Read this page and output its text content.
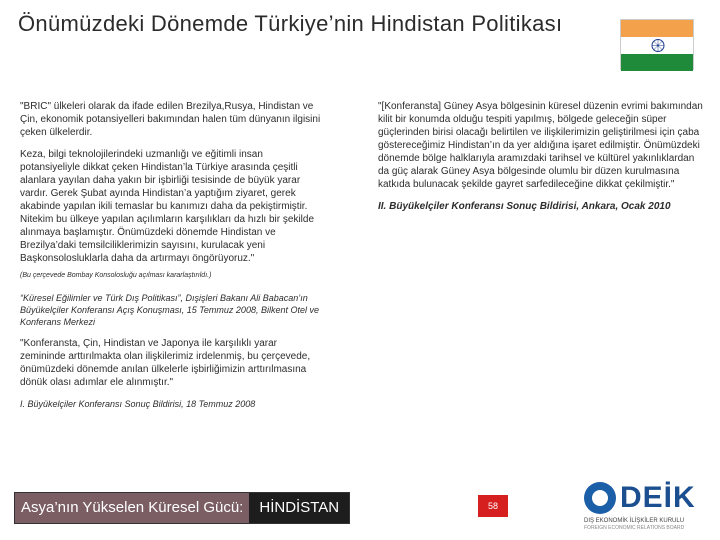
Önümüzdeki Dönemde Türkiye’nin Hindistan Politikası

"BRIC" ülkeleri olarak da ifade edilen Brezilya,Rusya, Hindistan ve Çin, ekonomik potansiyelleri bakımından halen tüm dünyanın ilgisini çeken ülkelerdir.

Keza, bilgi teknolojilerindeki uzmanlığı ve eğitimli insan potansiyeliyle dikkat çeken Hindistan’la Türkiye arasında çeşitli alanlara yayılan daha yakın bir işbirliği tesisinde de büyük yarar vardır. Gerek Şubat ayında Hindistan’a yaptığım ziyaret, gerek akabinde yapılan ikili temaslar bu kanımızı daha da pekiştirmiştir. Nitekim bu ülkeye yapılan açılımların karşılıkları da hızlı bir şekilde alınmaya başlamıştır. Önümüzdeki dönemde Hindistan ve Brezilya’daki temsilciliklerimizin sayısını, kurulacak yeni Başkonsolosluklarla daha da artırmayı öngörüyoruz."

(Bu çerçevede Bombay Konsolosluğu açılması kararlaştırıldı.)

“Küresel Eğilimler ve Türk Dış Politikası”, Dışişleri Bakanı Ali Babacan’ın Büyükelçiler Konferansı Açış Konuşması, 15 Temmuz 2008, Bilkent Otel ve Konferans Merkezi

"Konferansta, Çin, Hindistan ve Japonya ile karşılıklı yarar zemininde arttırılmakta olan ilişkilerimiz irdelenmiş, bu çerçevede, önümüzdeki dönemde anılan ülkelerle işbirliğimizin arttırılmasına dönük olası adımlar ele alınmıştır."

I. Büyükelçiler Konferansı Sonuç Bildirisi, 18 Temmuz 2008

"[Konferansta] Güney Asya bölgesinin küresel düzenin evrimi bakımından kilit bir konumda olduğu tespiti yapılmış, bölgede geleceğin süper güçlerinden birisi olacağı belirtilen ve ilişkilerimizin geliştirilmesi için çaba göstereceğimiz Hindistan’ın da yer aldığına işaret edilmiştir. Önümüzdeki dönemde bölge halklarıyla aramızdaki tarihsel ve kültürel yakınlıklardan da güç alarak Güney Asya bölgesinde olumlu bir düzen kurulmasına katkıda bulunacak şekilde gayret sarfedileceğine dikkat çekilmiştir."

II. Büyükelçiler Konferansı Sonuç Bildirisi, Ankara, Ocak 2010

Asya’nın Yükselen Küresel Gücü:	HİNDİSTAN	58	DEİK
DIŞ EKONOMİK İLİŞKİLER KURULU
FOREIGN ECONOMIC RELATIONS BOARD
